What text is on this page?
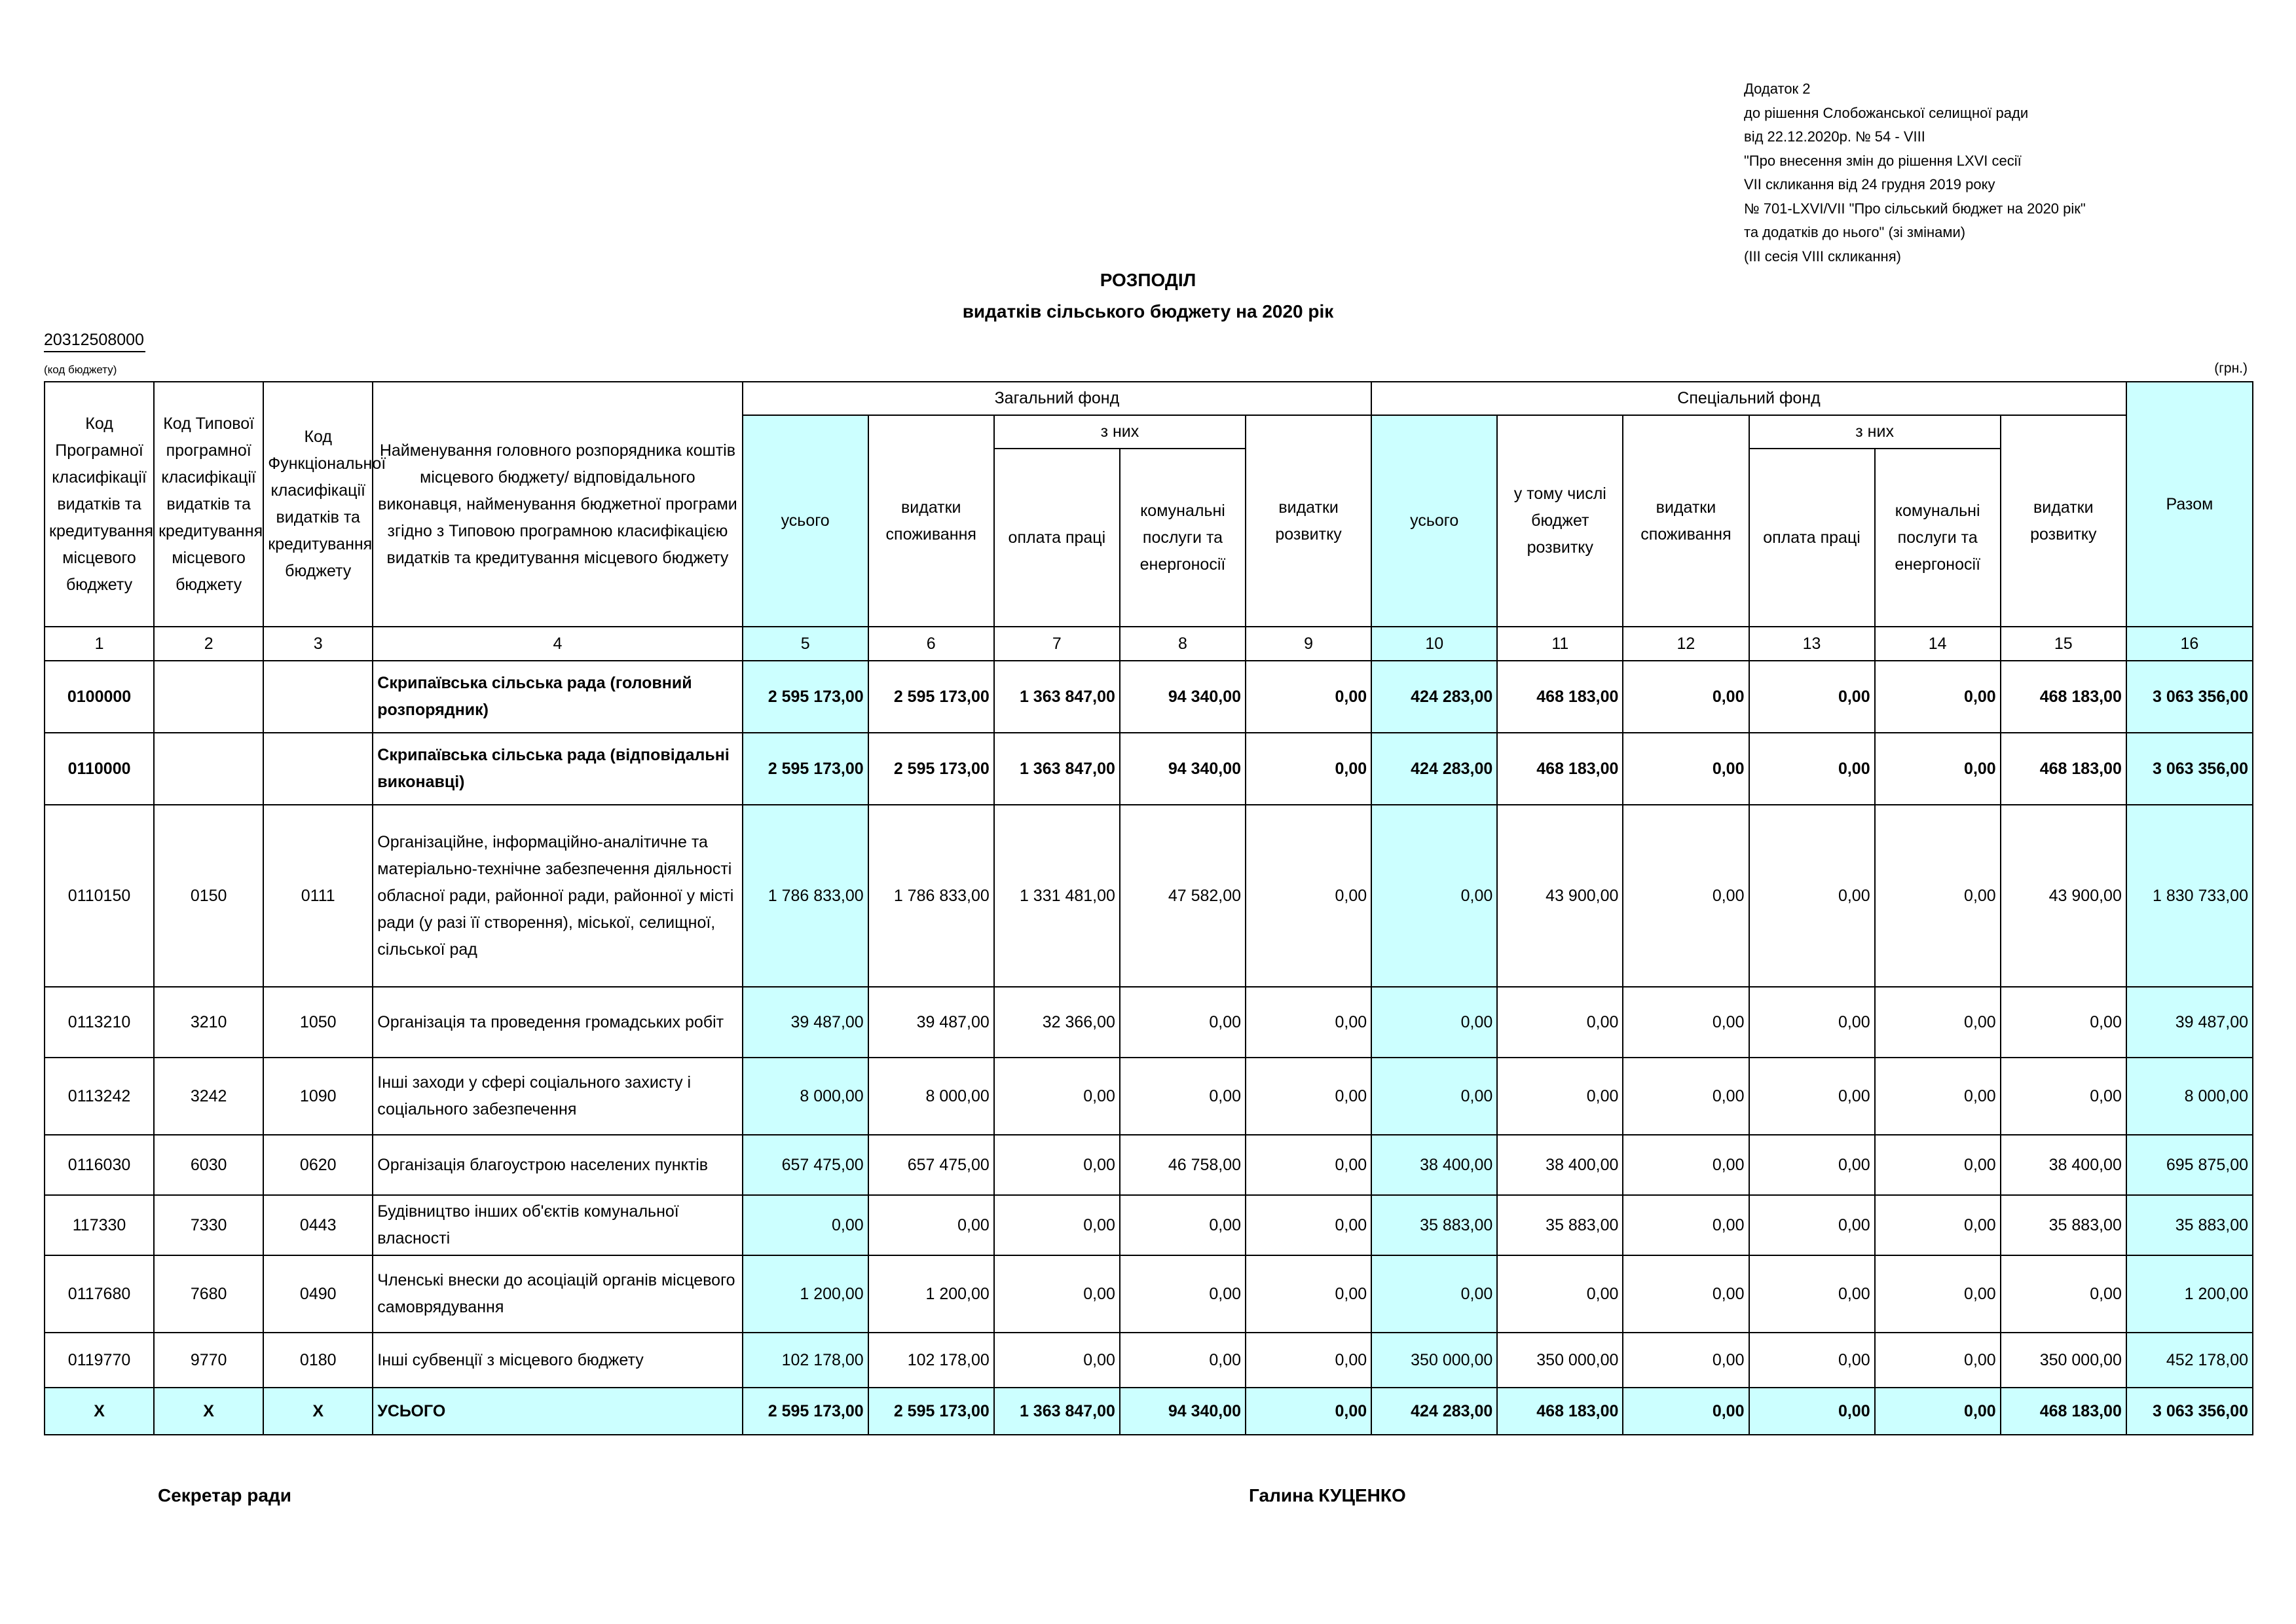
Додаток 2
до рішення Слобожанської селищної ради
від 22.12.2020р. № 54 - VIII
"Про внесення змін до рішення LXVI сесії
VII скликання від 24 грудня 2019 року
№ 701-LXVI/VII "Про сільський бюджет на 2020 рік"
та додатків до нього" (зі змінами)
(ІІІ сесія VIII скликання)
РОЗПОДІЛ
видатків сільського бюджету на 2020 рік
20312508000
(код бюджету)	(грн.)
Код Програмної класифікації видатків та кредитування місцевого бюджету	Код Типової програмної класифікації видатків та кредитування місцевого бюджету	Код Функціональної класифікації видатків та кредитування бюджету	Найменування головного розпорядника коштів місцевого бюджету/ відповідального виконавця, найменування бюджетної програми згідно з Типовою програмною класифікацією видатків та кредитування місцевого бюджету	Загальний фонд					Спеціальний фонд						Разом
				усього	видатки споживання	з них		видатки розвитку	усього	у тому числі бюджет розвитку	видатки споживання	з них		видатки розвитку	
						оплата праці	комунальні послуги та енергоносії					оплата праці	комунальні послуги та енергоносії		

1	2	3	4	5	6	7	8	9	10	11	12	13	14	15	16
0100000			Скрипаївська сільська рада (головний розпорядник)	2 595 173,00	2 595 173,00	1 363 847,00	94 340,00	0,00	424 283,00	468 183,00	0,00	0,00	0,00	468 183,00	3 063 356,00
0110000			Скрипаївська сільська рада (відповідальні виконавці)	2 595 173,00	2 595 173,00	1 363 847,00	94 340,00	0,00	424 283,00	468 183,00	0,00	0,00	0,00	468 183,00	3 063 356,00
0110150	0150	0111	Організаційне, інформаційно-аналітичне та матеріально-технічне забезпечення діяльності обласної ради, районної ради, районної у місті ради (у разі її створення), міської, селищної, сільської рад	1 786 833,00	1 786 833,00	1 331 481,00	47 582,00	0,00	0,00	43 900,00	0,00	0,00	0,00	43 900,00	1 830 733,00
0113210	3210	1050	Організація та проведення громадських робіт	39 487,00	39 487,00	32 366,00	0,00	0,00	0,00	0,00	0,00	0,00	0,00	0,00	39 487,00
0113242	3242	1090	Інші заходи у сфері соціального захисту і соціального забезпечення	8 000,00	8 000,00	0,00	0,00	0,00	0,00	0,00	0,00	0,00	0,00	0,00	8 000,00
0116030	6030	0620	Організація благоустрою населених пунктів	657 475,00	657 475,00	0,00	46 758,00	0,00	38 400,00	38 400,00	0,00	0,00	0,00	38 400,00	695 875,00
117330	7330	0443	Будівництво інших об'єктів комунальної власності	0,00	0,00	0,00	0,00	0,00	35 883,00	35 883,00	0,00	0,00	0,00	35 883,00	35 883,00
0117680	7680	0490	Членські внески до асоціацій органів місцевого самоврядування	1 200,00	1 200,00	0,00	0,00	0,00	0,00	0,00	0,00	0,00	0,00	0,00	1 200,00
0119770	9770	0180	Інші субвенції з місцевого бюджету	102 178,00	102 178,00	0,00	0,00	0,00	350 000,00	350 000,00	0,00	0,00	0,00	350 000,00	452 178,00
Х	Х	Х	УСЬОГО	2 595 173,00	2 595 173,00	1 363 847,00	94 340,00	0,00	424 283,00	468 183,00	0,00	0,00	0,00	468 183,00	3 063 356,00
Секретар ради	Галина КУЦЕНКО
